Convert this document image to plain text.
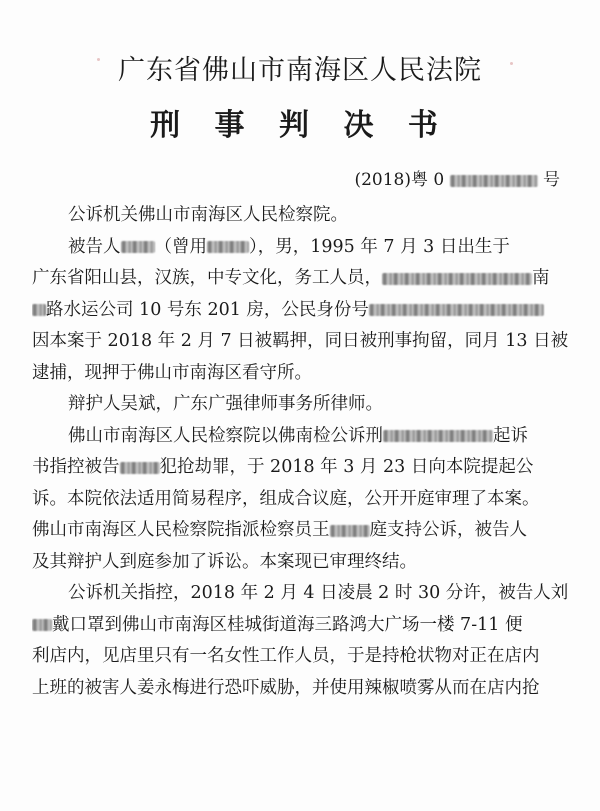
广东省佛山市南海区人民法院
刑 事 判 决 书
(2018)粤 0	号
公诉机关佛山市南海区人民检察院。
被告人 （曾用 ），男，1995 年 7 月 3 日出生于
广东省阳山县，汉族，中专文化，务工人员，	南
路水运公司 10 号东 201 房，公民身份号
因本案于 2018 年 2 月 7 日被羁押，同日被刑事拘留，同月 13 日被
逮捕，现押于佛山市南海区看守所。
辩护人吴斌，广东广强律师事务所律师。
佛山市南海区人民检察院以佛南检公诉刑	起诉
书指控被告 犯抢劫罪，于 2018 年 3 月 23 日向本院提起公
诉。本院依法适用简易程序，组成合议庭，公开开庭审理了本案。
佛山市南海区人民检察院指派检察员王 庭支持公诉，被告人
及其辩护人到庭参加了诉讼。本案现已审理终结。
公诉机关指控，2018 年 2 月 4 日凌晨 2 时 30 分许，被告人刘
戴口罩到佛山市南海区桂城街道海三路鸿大广场一楼 7-11 便
利店内，见店里只有一名女性工作人员，于是持枪状物对正在店内
上班的被害人姜永梅进行恐吓威胁，并使用辣椒喷雾从而在店内抢
